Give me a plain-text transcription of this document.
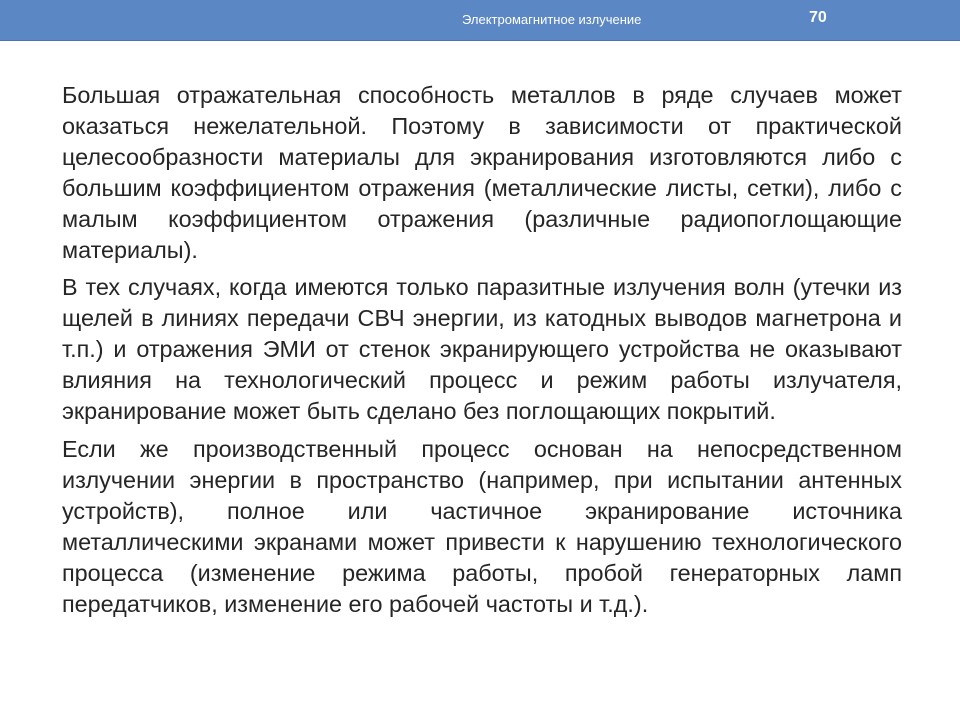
Электромагнитное излучение	70

Большая отражательная способность металлов в ряде случаев может оказаться нежелательной. Поэтому в зависимости от практической целесообразности материалы для экранирования изготовляются либо с большим коэффициентом отражения (металлические листы, сетки), либо с малым коэффициентом отражения (различные радиопоглощающие материалы).

В тех случаях, когда имеются только паразитные излучения волн (утечки из щелей в линиях передачи СВЧ энергии, из катодных выводов магнетрона и т.п.) и отражения ЭМИ от стенок экранирующего устройства не оказывают влияния на технологический процесс и режим работы излучателя, экранирование может быть сделано без поглощающих покрытий.

Если же производственный процесс основан на непосредственном излучении энергии в пространство (например, при испытании антенных устройств), полное или частичное экранирование источника металлическими экранами может привести к нарушению технологического процесса (изменение режима работы, пробой генераторных ламп передатчиков, изменение его рабочей частоты и т.д.).
